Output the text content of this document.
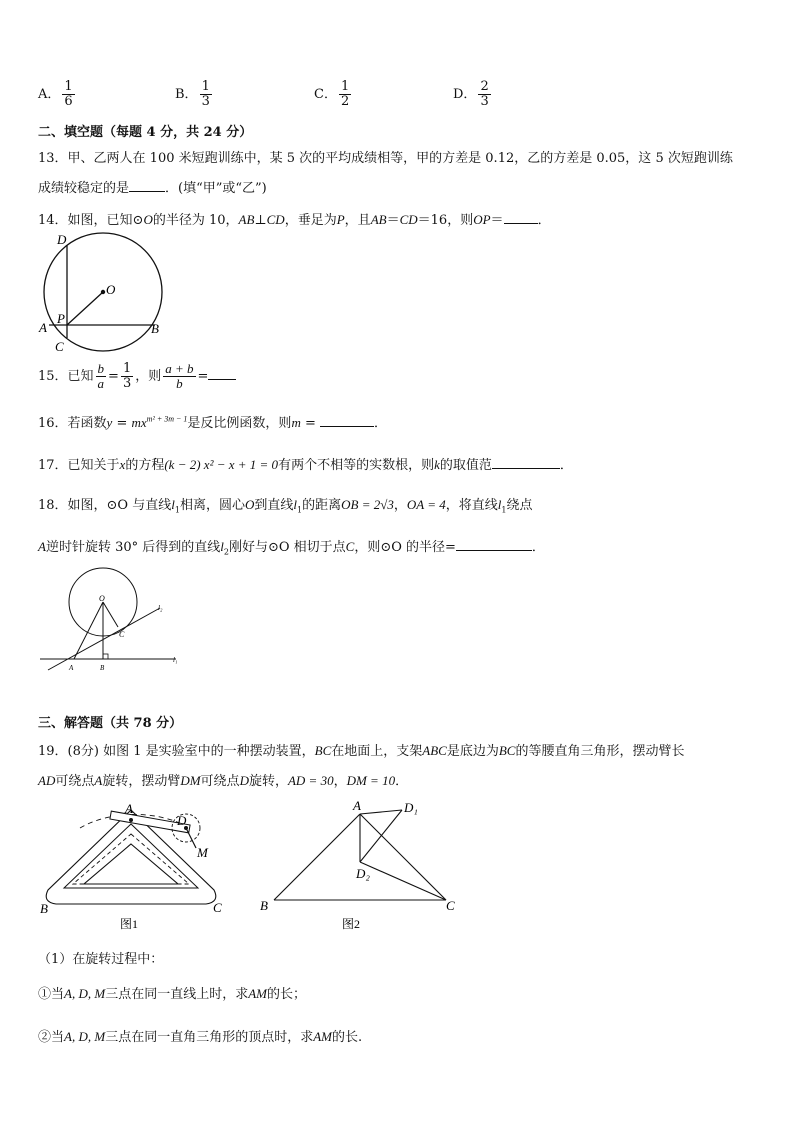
A． $\frac{1}{6}$	B． $\frac{1}{3}$	C． $\frac{1}{2}$	D． $\frac{2}{3}$
二、填空题（每题 4 分，共 24 分）
13．甲、乙两人在 100 米短跑训练中，某 5 次的平均成绩相等，甲的方差是 0.12，乙的方差是 0.05，这 5 次短跑训练
成绩较稳定的是	．(填“甲”或“乙”)
14．如图，已知⊙O的半径为 10，AB⊥CD，垂足为P，且AB＝CD＝16，则OP＝	．
D
O
A
P
C
B
15．已知 $\frac{b}{a} = \frac{1}{3}$ ，则 $\frac{a + b}{b}$ =
16．若函数$y = mx^{m^2 + 3m - 1}$是反比例函数，则m =	．
17．已知关于x的方程(k − 2) x² − x + 1 = 0有两个不相等的实数根，则k的取值范	．
18．如图，⊙O 与直线$l_1$相离，圆心O到直线$l_1$的距离OB = 2√3，OA = 4，将直线$l_1$绕点
A逆时针旋转 30° 后得到的直线$l_2$刚好与⊙O 相切于点C，则⊙O 的半径=	．
O
C
A	B
l₂
l₁
三、解答题（共 78 分）
19．(8分) 如图 1 是实验室中的一种摆动装置，BC在地面上，支架ABC是底边为BC的等腰直角三角形，摆动臂长
AD可绕点A旋转，摆动臂DM可绕点D旋转，AD = 30，DM = 10．
A
D
M
B	C
图1
A	D₁
D₂
B	C
图2
（1）在旋转过程中：
①当A, D, M三点在同一直线上时，求AM的长；
②当A, D, M三点在同一直角三角形的顶点时，求AM的长.
